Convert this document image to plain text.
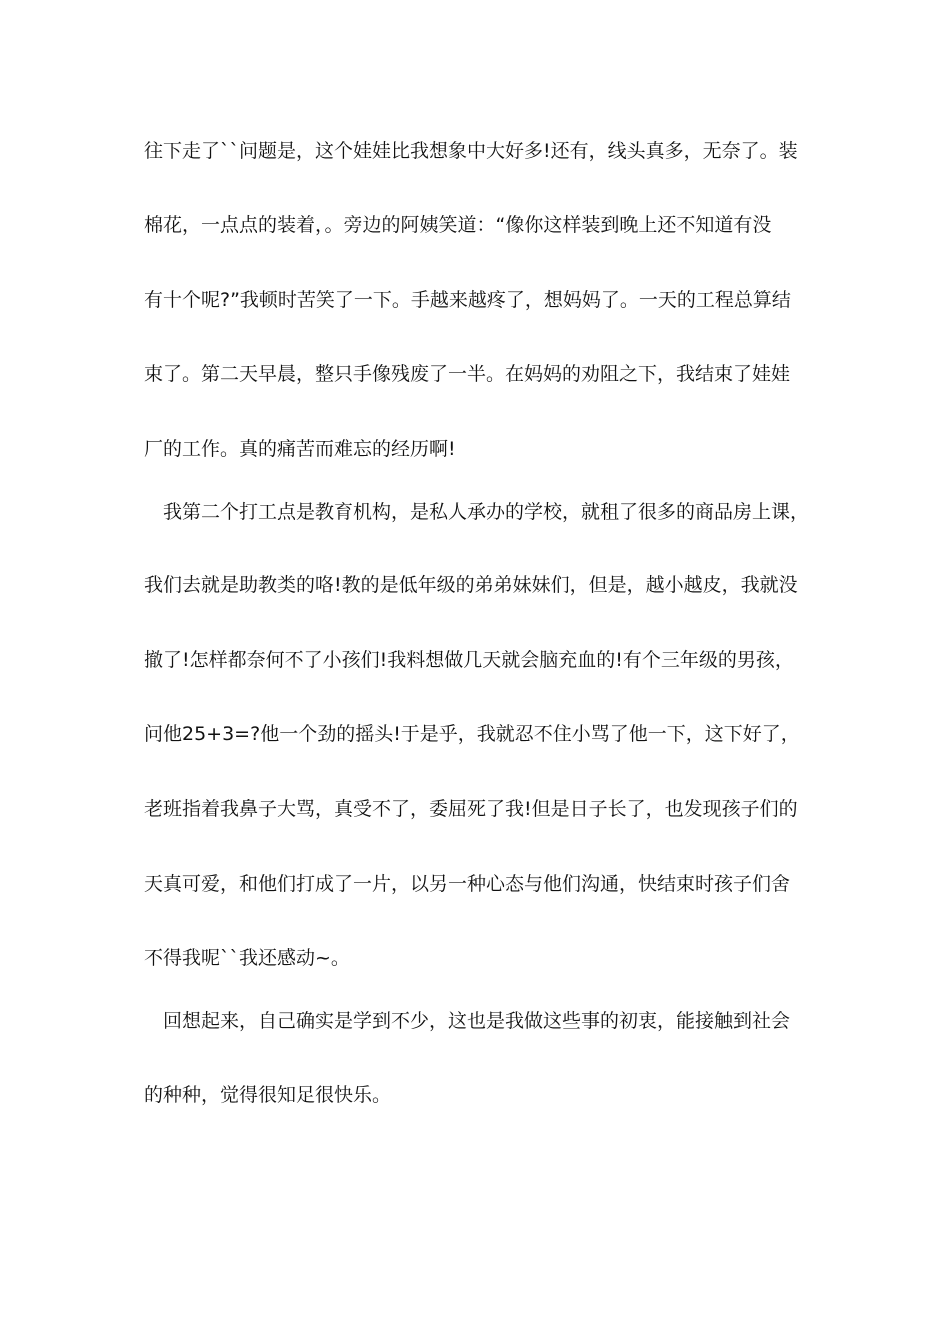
往下走了``问题是，这个娃娃比我想象中大好多!还有，线头真多，无奈了。装
棉花，一点点的装着，。旁边的阿姨笑道：“像你这样装到晚上还不知道有没
有十个呢?”我顿时苦笑了一下。手越来越疼了，想妈妈了。一天的工程总算结
束了。第二天早晨，整只手像残废了一半。在妈妈的劝阻之下，我结束了娃娃
厂的工作。真的痛苦而难忘的经历啊!
我第二个打工点是教育机构，是私人承办的学校，就租了很多的商品房上课，
我们去就是助教类的咯!教的是低年级的弟弟妹妹们，但是，越小越皮，我就没
撤了!怎样都奈何不了小孩们!我料想做几天就会脑充血的!有个三年级的男孩，
问他25+3=?他一个劲的摇头!于是乎，我就忍不住小骂了他一下，这下好了，
老班指着我鼻子大骂，真受不了，委屈死了我!但是日子长了，也发现孩子们的
天真可爱，和他们打成了一片，以另一种心态与他们沟通，快结束时孩子们舍
不得我呢``我还感动~。
回想起来，自己确实是学到不少，这也是我做这些事的初衷，能接触到社会
的种种，觉得很知足很快乐。
